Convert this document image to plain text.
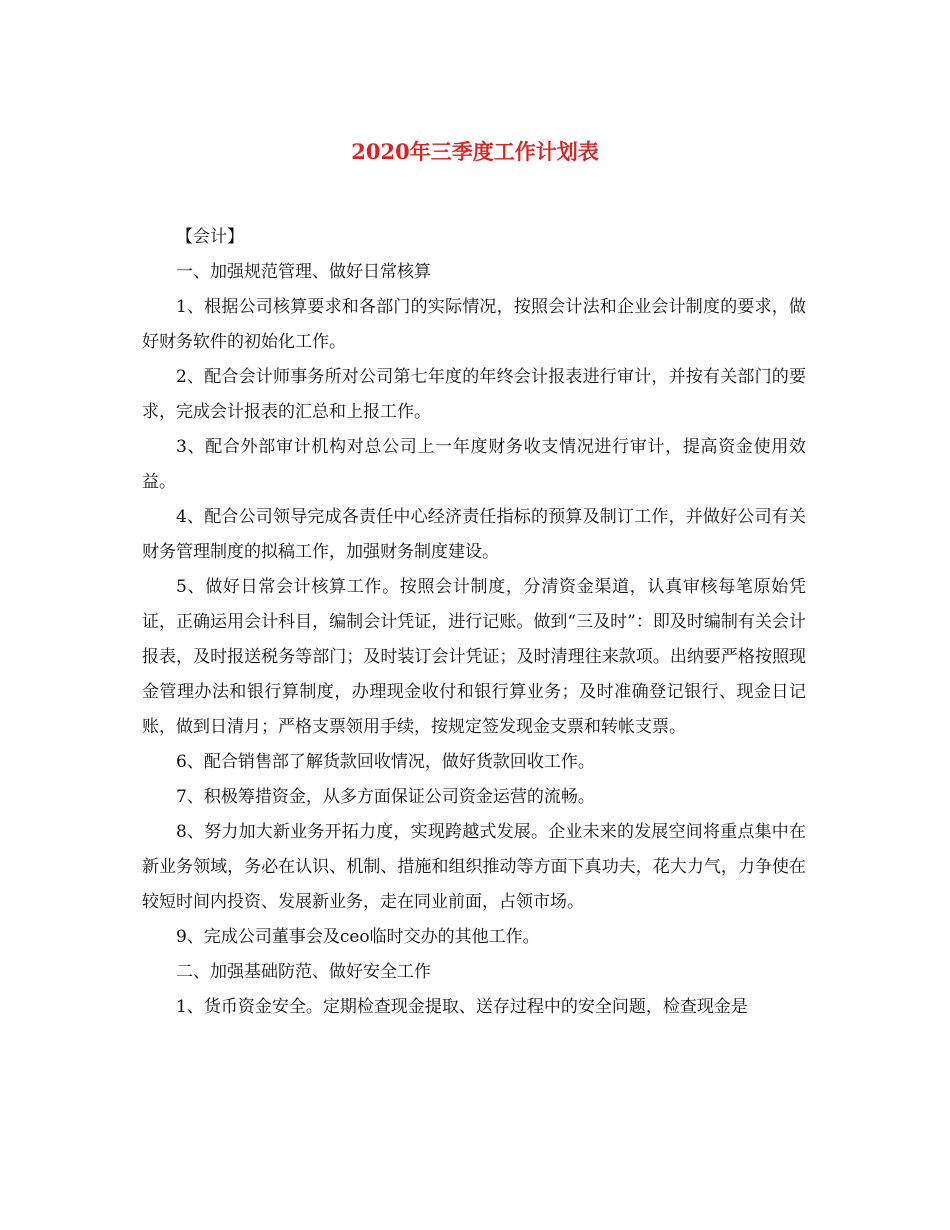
2020年三季度工作计划表

【会计】

一、加强规范管理、做好日常核算

1、根据公司核算要求和各部门的实际情况，按照会计法和企业会计制度的要求，做好财务软件的初始化工作。

2、配合会计师事务所对公司第七年度的年终会计报表进行审计，并按有关部门的要求，完成会计报表的汇总和上报工作。

3、配合外部审计机构对总公司上一年度财务收支情况进行审计，提高资金使用效益。

4、配合公司领导完成各责任中心经济责任指标的预算及制订工作，并做好公司有关财务管理制度的拟稿工作，加强财务制度建设。

5、做好日常会计核算工作。按照会计制度，分清资金渠道，认真审核每笔原始凭证，正确运用会计科目，编制会计凭证，进行记账。做到“三及时”：即及时编制有关会计报表，及时报送税务等部门；及时装订会计凭证；及时清理往来款项。出纳要严格按照现金管理办法和银行算制度，办理现金收付和银行算业务；及时准确登记银行、现金日记账，做到日清月；严格支票领用手续，按规定签发现金支票和转帐支票。

6、配合销售部了解货款回收情况，做好货款回收工作。

7、积极筹措资金，从多方面保证公司资金运营的流畅。

8、努力加大新业务开拓力度，实现跨越式发展。企业未来的发展空间将重点集中在新业务领域，务必在认识、机制、措施和组织推动等方面下真功夫，花大力气，力争使在较短时间内投资、发展新业务，走在同业前面，占领市场。

9、完成公司董事会及ceo临时交办的其他工作。

二、加强基础防范、做好安全工作

1、货币资金安全。定期检查现金提取、送存过程中的安全问题，检查现金是
